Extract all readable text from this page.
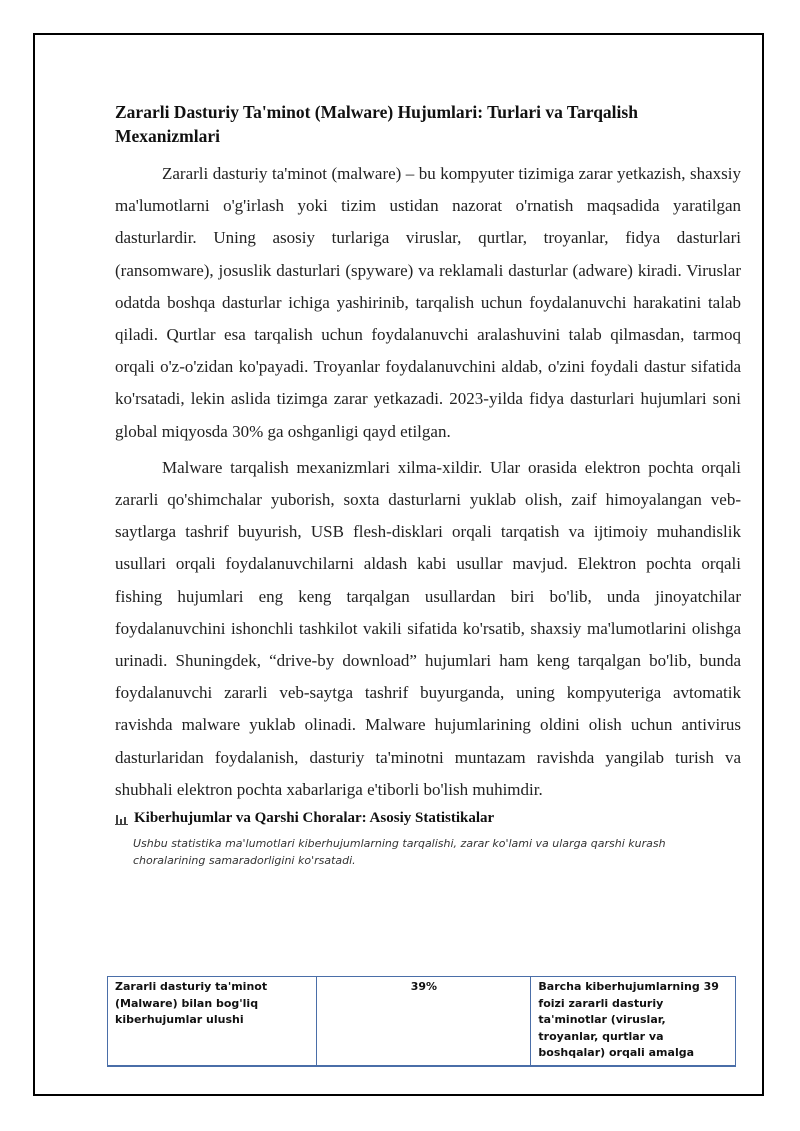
Zararli Dasturiy Ta'minot (Malware) Hujumlari: Turlari va Tarqalish Mexanizmlari

Zararli dasturiy ta'minot (malware) – bu kompyuter tizimiga zarar yetkazish, shaxsiy ma'lumotlarni o'g'irlash yoki tizim ustidan nazorat o'rnatish maqsadida yaratilgan dasturlardir. Uning asosiy turlariga viruslar, qurtlar, troyanlar, fidya dasturlari (ransomware), josuslik dasturlari (spyware) va reklamali dasturlar (adware) kiradi. Viruslar odatda boshqa dasturlar ichiga yashirinib, tarqalish uchun foydalanuvchi harakatini talab qiladi. Qurtlar esa tarqalish uchun foydalanuvchi aralashuvini talab qilmasdan, tarmoq orqali o'z-o'zidan ko'payadi. Troyanlar foydalanuvchini aldab, o'zini foydali dastur sifatida ko'rsatadi, lekin aslida tizimga zarar yetkazadi. 2023-yilda fidya dasturlari hujumlari soni global miqyosda 30% ga oshganligi qayd etilgan.

Malware tarqalish mexanizmlari xilma-xildir. Ular orasida elektron pochta orqali zararli qo'shimchalar yuborish, soxta dasturlarni yuklab olish, zaif himoyalangan veb-saytlarga tashrif buyurish, USB flesh-disklari orqali tarqatish va ijtimoiy muhandislik usullari orqali foydalanuvchilarni aldash kabi usullar mavjud. Elektron pochta orqali fishing hujumlari eng keng tarqalgan usullardan biri bo'lib, unda jinoyatchilar foydalanuvchini ishonchli tashkilot vakili sifatida ko'rsatib, shaxsiy ma'lumotlarini olishga urinadi. Shuningdek, “drive-by download” hujumlari ham keng tarqalgan bo'lib, bunda foydalanuvchi zararli veb-saytga tashrif buyurganda, uning kompyuteriga avtomatik ravishda malware yuklab olinadi. Malware hujumlarining oldini olish uchun antivirus dasturlaridan foydalanish, dasturiy ta'minotni muntazam ravishda yangilab turish va shubhali elektron pochta xabarlariga e'tiborli bo'lish muhimdir.

Kiberhujumlar va Qarshi Choralar: Asosiy Statistikalar
Ushbu statistika ma'lumotlari kiberhujumlarning tarqalishi, zarar ko'lami va ularga qarshi kurash choralarining samaradorligini ko'rsatadi.
Zararli dasturiy ta'minot (Malware) bilan bog'liq kiberhujumlar ulushi	39%	Barcha kiberhujumlarning 39 foizi zararli dasturiy ta'minotlar (viruslar, troyanlar, qurtlar va boshqalar) orqali amalga
